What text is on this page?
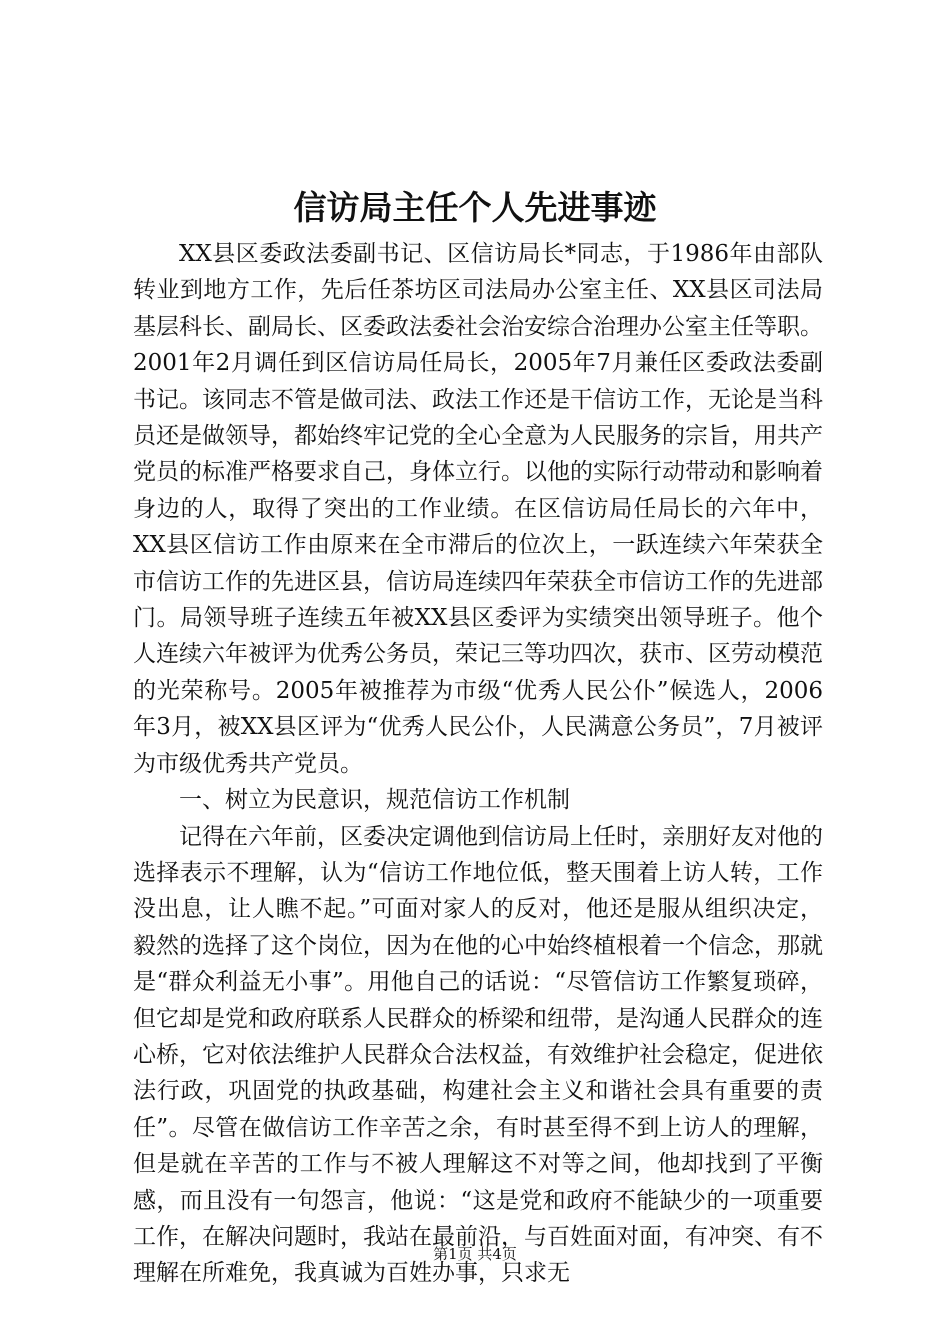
信访局主任个人先进事迹

XX县区委政法委副书记、区信访局长*同志，于1986年由部队转业到地方工作，先后任茶坊区司法局办公室主任、XX县区司法局基层科长、副局长、区委政法委社会治安综合治理办公室主任等职。2001年2月调任到区信访局任局长，2005年7月兼任区委政法委副书记。该同志不管是做司法、政法工作还是干信访工作，无论是当科员还是做领导，都始终牢记党的全心全意为人民服务的宗旨，用共产党员的标准严格要求自己，身体立行。以他的实际行动带动和影响着身边的人，取得了突出的工作业绩。在区信访局任局长的六年中，XX县区信访工作由原来在全市滞后的位次上，一跃连续六年荣获全市信访工作的先进区县，信访局连续四年荣获全市信访工作的先进部门。局领导班子连续五年被XX县区委评为实绩突出领导班子。他个人连续六年被评为优秀公务员，荣记三等功四次，获市、区劳动模范的光荣称号。2005年被推荐为市级“优秀人民公仆”候选人，2006年3月，被XX县区评为“优秀人民公仆，人民满意公务员”，7月被评为市级优秀共产党员。

一、树立为民意识，规范信访工作机制

记得在六年前，区委决定调他到信访局上任时，亲朋好友对他的选择表示不理解，认为“信访工作地位低，整天围着上访人转，工作没出息，让人瞧不起。”可面对家人的反对，他还是服从组织决定，毅然的选择了这个岗位，因为在他的心中始终植根着一个信念，那就是“群众利益无小事”。用他自己的话说：“尽管信访工作繁复琐碎，但它却是党和政府联系人民群众的桥梁和纽带，是沟通人民群众的连心桥，它对依法维护人民群众合法权益，有效维护社会稳定，促进依法行政，巩固党的执政基础，构建社会主义和谐社会具有重要的责任”。尽管在做信访工作辛苦之余，有时甚至得不到上访人的理解，但是就在辛苦的工作与不被人理解这不对等之间，他却找到了平衡感，而且没有一句怨言，他说：“这是党和政府不能缺少的一项重要工作，在解决问题时，我站在最前沿，与百姓面对面，有冲突、有不理解在所难免，我真诚为百姓办事，只求无

第1页 共4页
